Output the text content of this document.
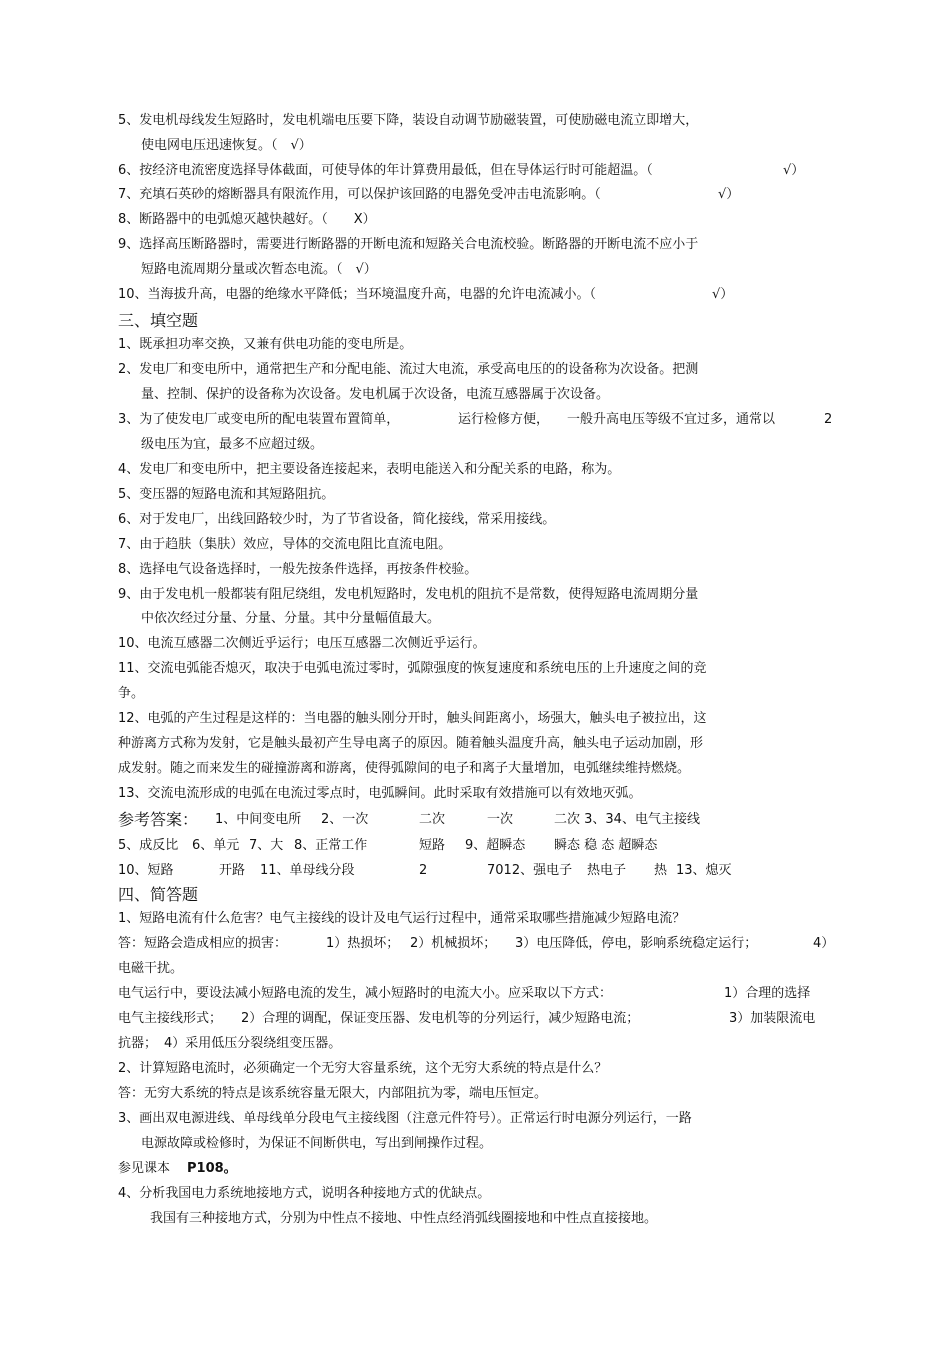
5、发电机母线发生短路时，发电机端电压要下降，装设自动调节励磁装置，可使励磁电流立即增大，
使电网电压迅速恢复。（　√）
6、按经济电流密度选择导体截面，可使导体的年计算费用最低，但在导体运行时可能超温。（	√）
7、充填石英砂的熔断器具有限流作用，可以保护该回路的电器免受冲击电流影响。（	√）
8、断路器中的电弧熄灭越快越好。（　　X）
9、选择高压断路器时，需要进行断路器的开断电流和短路关合电流校验。断路器的开断电流不应小于
短路电流周期分量或次暂态电流。（　√）
10、当海拔升高，电器的绝缘水平降低；当环境温度升高，电器的允许电流减小。（	√）
三、填空题
1、既承担功率交换，又兼有供电功能的变电所是。
2、发电厂和变电所中，通常把生产和分配电能、流过大电流，承受高电压的的设备称为次设备。把测
量、控制、保护的设备称为次设备。发电机属于次设备，电流互感器属于次设备。
3、为了使发电厂或变电所的配电装置布置简单，	运行检修方便， 一般升高电压等级不宜过多，通常以	2
级电压为宜，最多不应超过级。
4、发电厂和变电所中，把主要设备连接起来，表明电能送入和分配关系的电路，称为。
5、变压器的短路电流和其短路阻抗。
6、对于发电厂，出线回路较少时，为了节省设备，简化接线，常采用接线。
7、由于趋肤（集肤）效应，导体的交流电阻比直流电阻。
8、选择电气设备选择时，一般先按条件选择，再按条件校验。
9、由于发电机一般都装有阻尼绕组，发电机短路时，发电机的阻抗不是常数，使得短路电流周期分量
中依次经过分量、分量、分量。其中分量幅值最大。
10、电流互感器二次侧近乎运行；电压互感器二次侧近乎运行。
11、交流电弧能否熄灭，取决于电弧电流过零时，弧隙强度的恢复速度和系统电压的上升速度之间的竞
争。
12、电弧的产生过程是这样的：当电器的触头刚分开时，触头间距离小，场强大，触头电子被拉出，这
种游离方式称为发射，它是触头最初产生导电离子的原因。随着触头温度升高，触头电子运动加剧，形
成发射。随之而来发生的碰撞游离和游离，使得弧隙间的电子和离子大量增加，电弧继续维持燃烧。
13、交流电流形成的电弧在电流过零点时，电弧瞬间。此时采取有效措施可以有效地灭弧。
参考答案： 1、中间变电所 2、一次	二次	一次	二次 3、34、电气主接线
5、成反比 6、单元 7、大 8、正常工作	短路 9、超瞬态 瞬态 稳 态 超瞬态
10、短路	开路 11、单母线分段	2	7012、强电子 热电子 热 13、熄灭
四、简答题
1、短路电流有什么危害？电气主接线的设计及电气运行过程中，通常采取哪些措施减少短路电流？
答：短路会造成相应的损害：	1）热损坏； 2）机械损坏； 3）电压降低，停电，影响系统稳定运行；	4）
电磁干扰。
电气运行中，要设法减小短路电流的发生，减小短路时的电流大小。应采取以下方式：	1）合理的选择
电气主接线形式； 2）合理的调配，保证变压器、发电机等的分列运行，减少短路电流；	3）加装限流电
抗器； 4）采用低压分裂绕组变压器。
2、计算短路电流时，必须确定一个无穷大容量系统，这个无穷大系统的特点是什么？
答：无穷大系统的特点是该系统容量无限大，内部阻抗为零，端电压恒定。
3、画出双电源进线、单母线单分段电气主接线图（注意元件符号）。正常运行时电源分列运行，一路
电源故障或检修时，为保证不间断供电，写出到闸操作过程。
参见课本 P108。
4、分析我国电力系统地接地方式，说明各种接地方式的优缺点。
我国有三种接地方式，分别为中性点不接地、中性点经消弧线圈接地和中性点直接接地。
